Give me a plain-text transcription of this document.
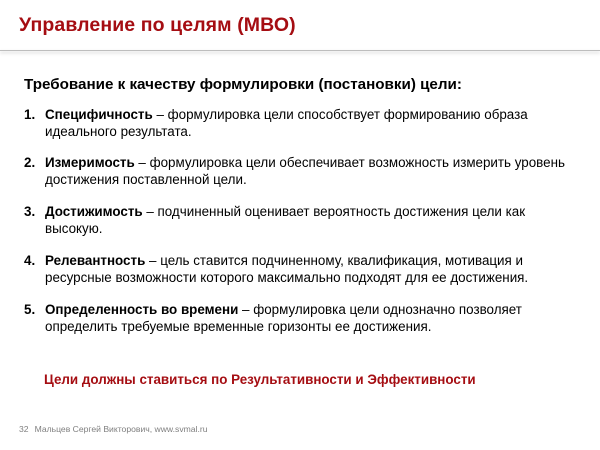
Управление по целям (МВО)
Требование к качеству формулировки (постановки) цели:
1. Специфичность – формулировка цели способствует формированию образа идеального результата.
2. Измеримость – формулировка цели обеспечивает возможность измерить уровень достижения поставленной цели.
3. Достижимость – подчиненный оценивает вероятность достижения цели как высокую.
4. Релевантность – цель ставится подчиненному, квалификация, мотивация и ресурсные возможности которого максимально подходят для ее достижения.
5. Определенность во времени – формулировка цели однозначно позволяет определить требуемые временные горизонты ее достижения.
Цели должны ставиться по Результативности и Эффективности
32 Мальцев Сергей Викторович, www.svmal.ru
